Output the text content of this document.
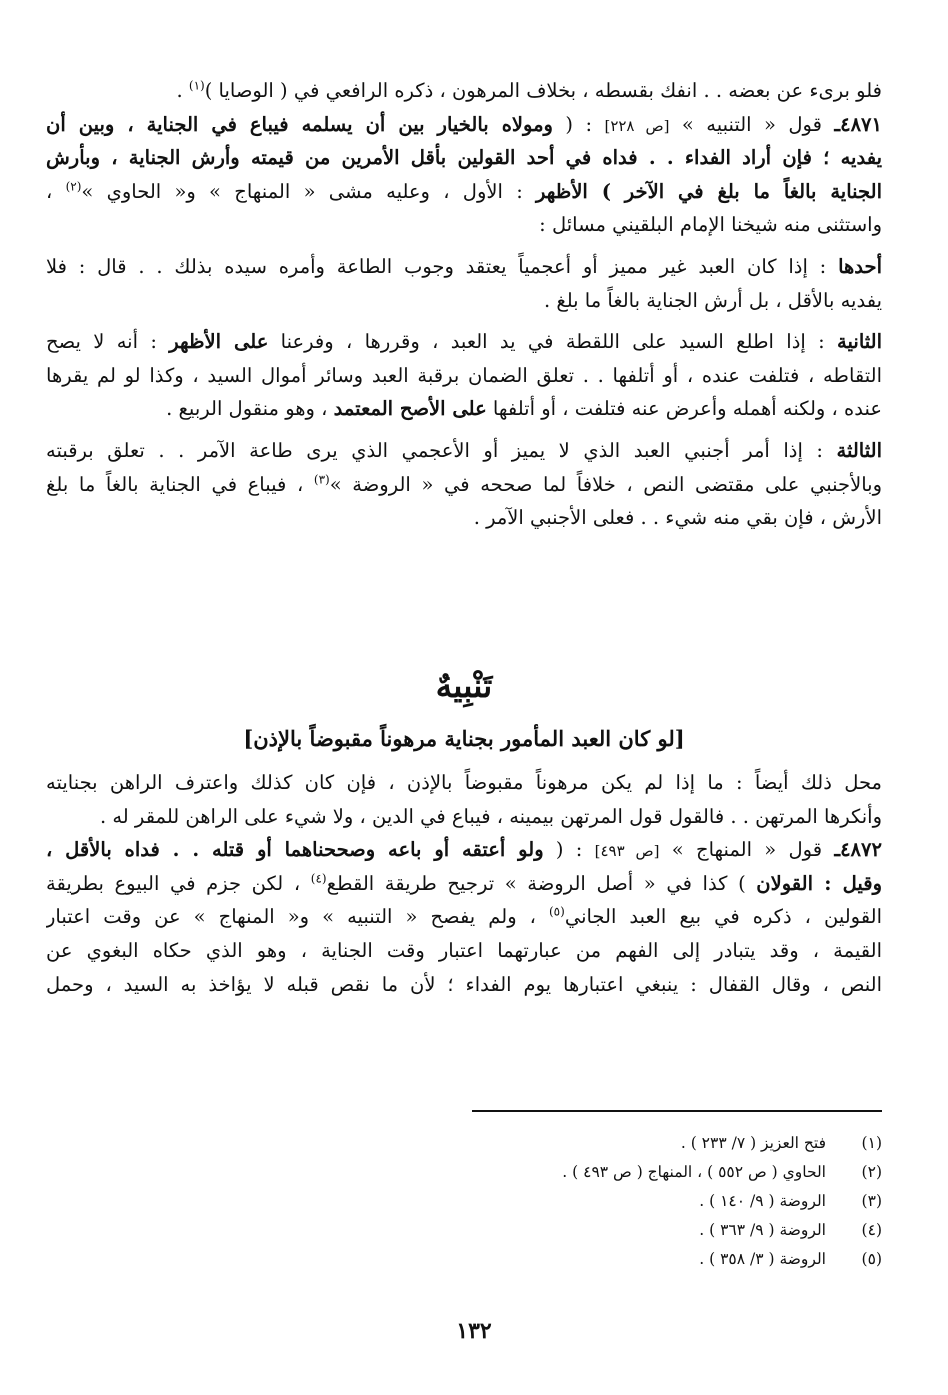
فلو برىء عن بعضه . . انفك بقسطه ، بخلاف المرهون ، ذكره الرافعي في ( الوصايا )$^{(١)}$ .
٤٨٧١ـ قول « التنبيه » [ص ٢٢٨] : ( ومولاه بالخيار بين أن يسلمه فيباع في الجناية ، وبين أن
يفديه ؛ فإن أراد الفداء . . فداه في أحد القولين بأقل الأمرين من قيمته وأرش الجناية ، وبأرش
الجناية بالغاً ما بلغ في الآخر ) الأظهر : الأول ، وعليه مشى « المنهاج » و« الحاوي »$^{(٢)}$ ،
واستثنى منه شيخنا الإمام البلقيني مسائل :
أحدها : إذا كان العبد غير مميز أو أعجمياً يعتقد وجوب الطاعة وأمره سيده بذلك . . قال : فلا
يفديه بالأقل ، بل أرش الجناية بالغاً ما بلغ .
الثانية : إذا اطلع السيد على اللقطة في يد العبد ، وقررها ، وفرعنا على الأظهر : أنه لا يصح
التقاطه ، فتلفت عنده ، أو أتلفها . . تعلق الضمان برقبة العبد وسائر أموال السيد ، وكذا لو لم يقرها
عنده ، ولكنه أهمله وأعرض عنه فتلفت ، أو أتلفها على الأصح المعتمد ، وهو منقول الربيع .
الثالثة : إذا أمر أجنبي العبد الذي لا يميز أو الأعجمي الذي يرى طاعة الآمر . . تعلق برقبته
وبالأجنبي على مقتضى النص ، خلافاً لما صححه في « الروضة »$^{(٣)}$ ، فيباع في الجناية بالغاً ما بلغ
الأرش ، فإن بقي منه شيء . . فعلى الأجنبي الآمر .
تَنْبِيهٌ
[لو كان العبد المأمور بجناية مرهوناً مقبوضاً بالإذن]
محل ذلك أيضاً : ما إذا لم يكن مرهوناً مقبوضاً بالإذن ، فإن كان كذلك واعترف الراهن بجنايته
وأنكرها المرتهن . . فالقول قول المرتهن بيمينه ، فيباع في الدين ، ولا شيء على الراهن للمقر له .
٤٨٧٢ـ قول « المنهاج » [ص ٤٩٣] : ( ولو أعتقه أو باعه وصححناهما أو قتله . . فداه بالأقل ،
وقيل : القولان ) كذا في « أصل الروضة » ترجيح طريقة القطع$^{(٤)}$ ، لكن جزم في البيوع بطريقة
القولين ، ذكره في بيع العبد الجاني$^{(٥)}$ ، ولم يفصح « التنبيه » و« المنهاج » عن وقت اعتبار
القيمة ، وقد يتبادر إلى الفهم من عبارتهما اعتبار وقت الجناية ، وهو الذي حكاه البغوي عن
النص ، وقال القفال : ينبغي اعتبارها يوم الفداء ؛ لأن ما نقص قبله لا يؤاخذ به السيد ، وحمل
(١)
فتح العزيز ( ٧/ ٢٣٣ ) .
(٢)
الحاوي ( ص ٥٥٢ ) ، المنهاج ( ص ٤٩٣ ) .
(٣)
الروضة ( ٩/ ١٤٠ ) .
(٤)
الروضة ( ٩/ ٣٦٣ ) .
(٥)
الروضة ( ٣/ ٣٥٨ ) .
١٣٢
